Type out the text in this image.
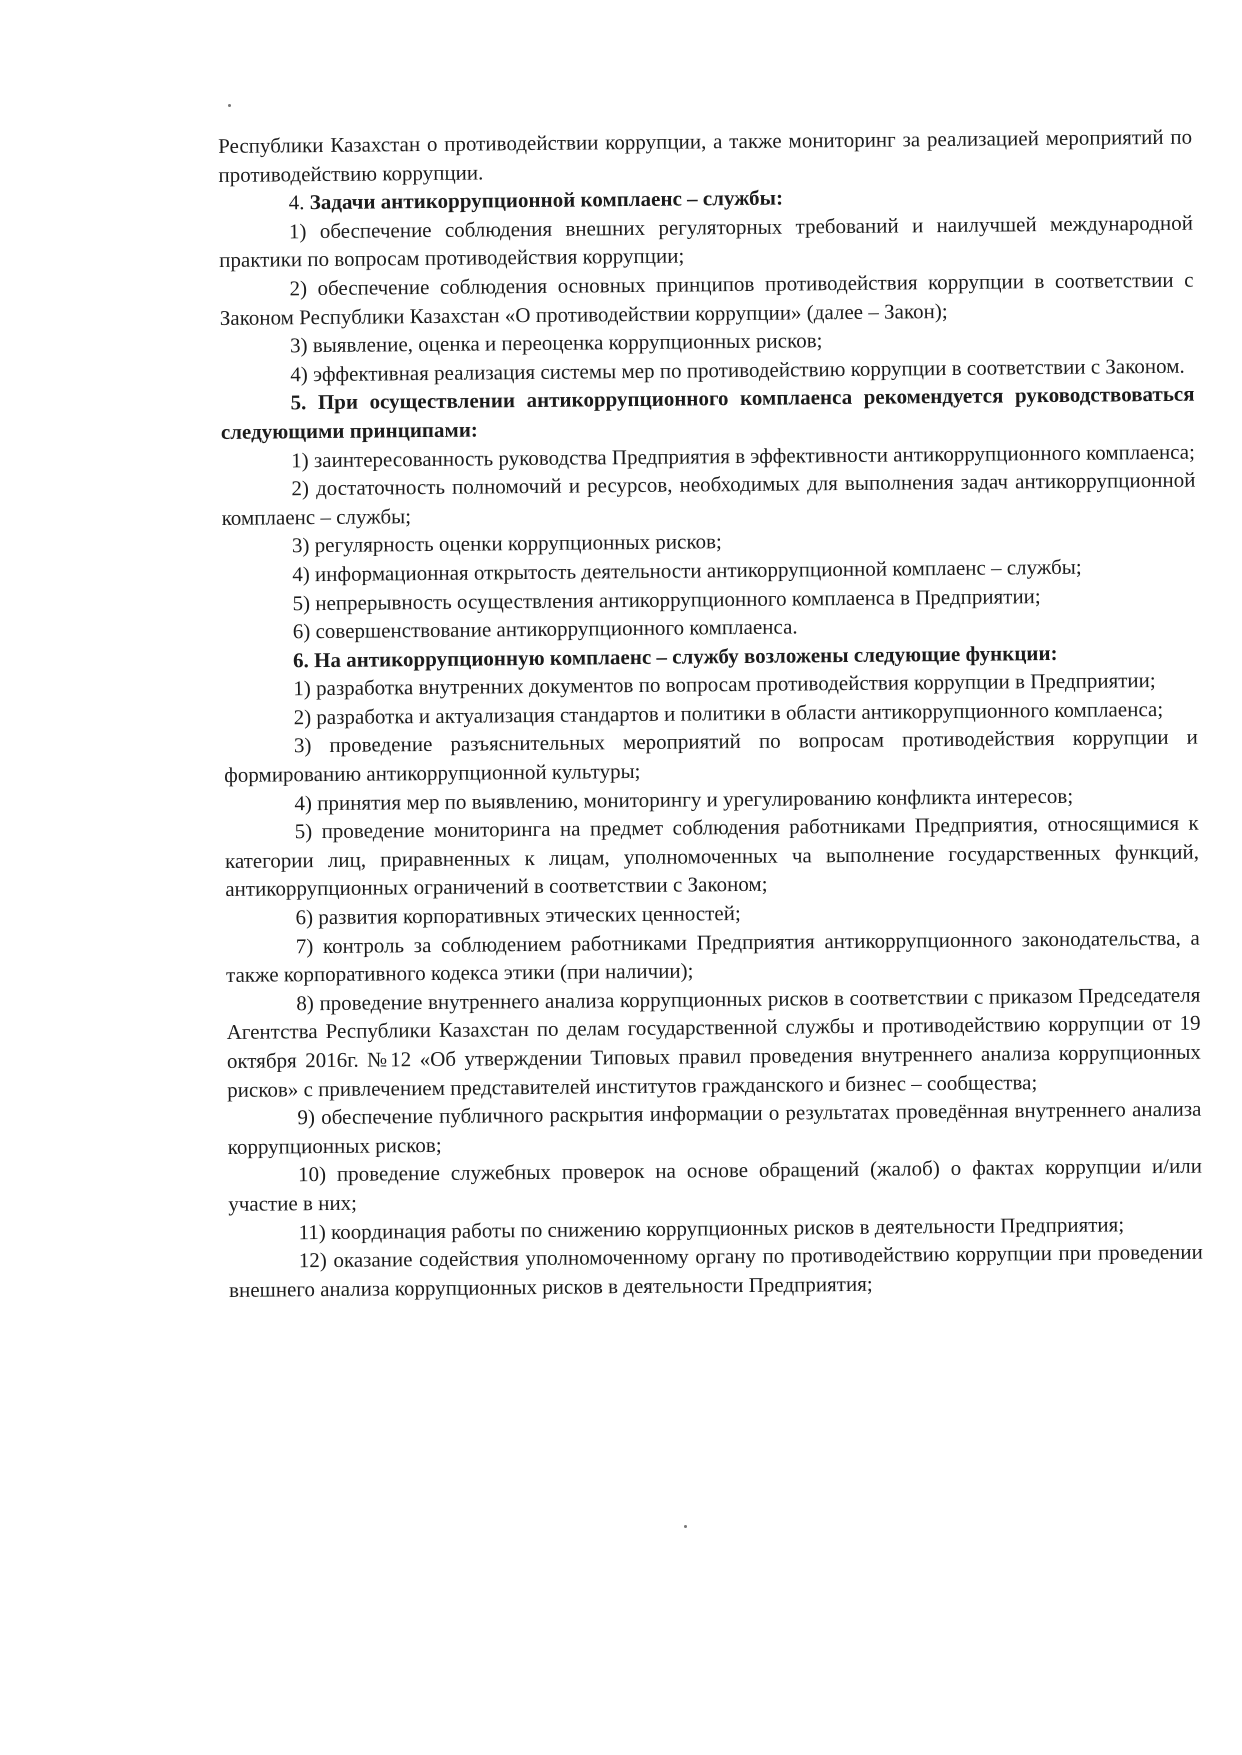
Республики Казахстан о противодействии коррупции, а также мониторинг за реализацией мероприятий по противодействию коррупции.

4. Задачи антикоррупционной комплаенс – службы:

1) обеспечение соблюдения внешних регуляторных требований и наилучшей международной практики по вопросам противодействия коррупции;

2) обеспечение соблюдения основных принципов противодействия коррупции в соответствии с Законом Республики Казахстан «О противодействии коррупции» (далее – Закон);

3) выявление, оценка и переоценка коррупционных рисков;

4) эффективная реализация системы мер по противодействию коррупции в соответствии с Законом.

5. При осуществлении антикоррупционного комплаенса рекомендуется руководствоваться следующими принципами:

1) заинтересованность руководства Предприятия в эффективности антикоррупционного комплаенса;

2) достаточность полномочий и ресурсов, необходимых для выполнения задач антикоррупционной комплаенс – службы;

3) регулярность оценки коррупционных рисков;

4) информационная открытость деятельности антикоррупционной комплаенс – службы;

5) непрерывность осуществления антикоррупционного комплаенса в Предприятии;

6) совершенствование антикоррупционного комплаенса.

6. На антикоррупционную комплаенс – службу возложены следующие функции:

1) разработка внутренних документов по вопросам противодействия коррупции в Предприятии;

2) разработка и актуализация стандартов и политики в области антикоррупционного комплаенса;

3) проведение разъяснительных мероприятий по вопросам противодействия коррупции и формированию антикоррупционной культуры;

4) принятия мер по выявлению, мониторингу и урегулированию конфликта интересов;

5) проведение мониторинга на предмет соблюдения работниками Предприятия, относящимися к категории лиц, приравненных к лицам, уполномоченных ча выполнение государственных функций, антикоррупционных ограничений в соответствии с Законом;

6) развития корпоративных этических ценностей;

7) контроль за соблюдением работниками Предприятия антикоррупционного законодательства, а также корпоративного кодекса этики (при наличии);

8) проведение внутреннего анализа коррупционных рисков в соответствии с приказом Председателя Агентства Республики Казахстан по делам государственной службы и противодействию коррупции от 19 октября 2016г. №12 «Об утверждении Типовых правил проведения внутреннего анализа коррупционных рисков» с привлечением представителей институтов гражданского и бизнес – сообщества;

9) обеспечение публичного раскрытия информации о результатах проведённая внутреннего анализа коррупционных рисков;

10) проведение служебных проверок на основе обращений (жалоб) о фактах коррупции и/или участие в них;

11) координация работы по снижению коррупционных рисков в деятельности Предприятия;

12) оказание содействия уполномоченному органу по противодействию коррупции при проведении внешнего анализа коррупционных рисков в деятельности Предприятия;
